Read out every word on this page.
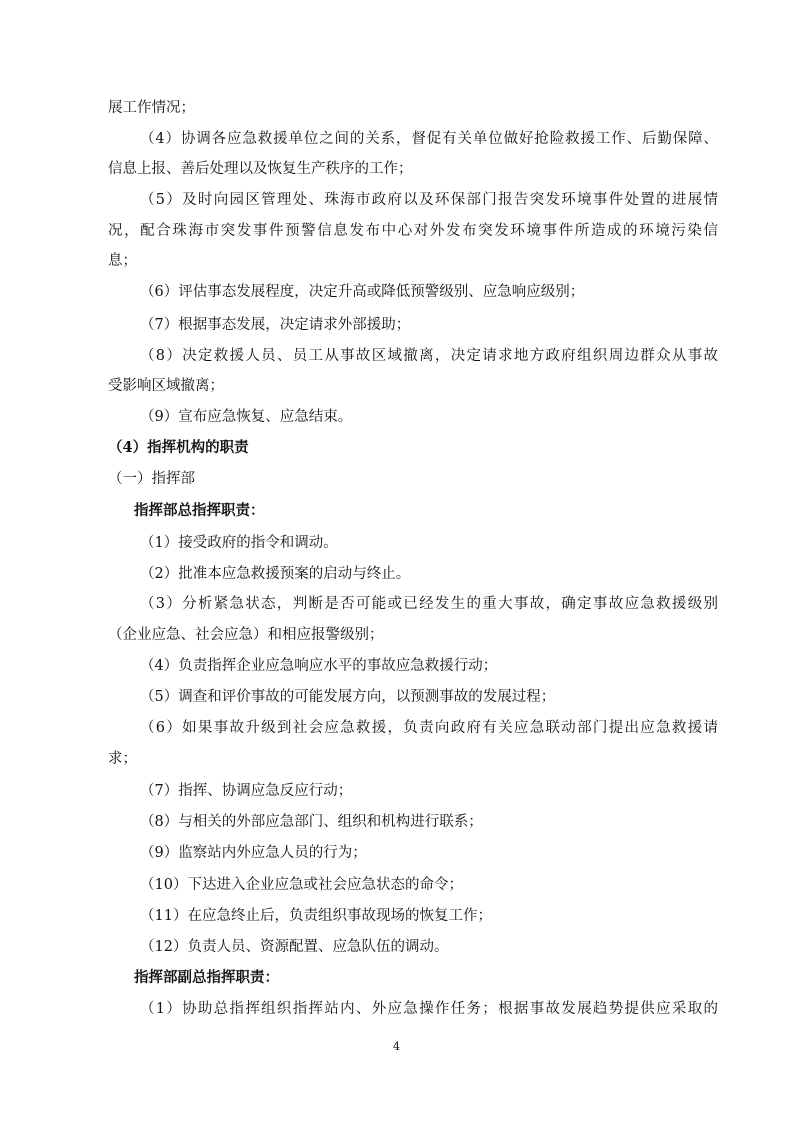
展工作情况；
（4）协调各应急救援单位之间的关系，督促有关单位做好抢险救援工作、后勤保障、
信息上报、善后处理以及恢复生产秩序的工作；
（5）及时向园区管理处、珠海市政府以及环保部门报告突发环境事件处置的进展情
况，配合珠海市突发事件预警信息发布中心对外发布突发环境事件所造成的环境污染信
息；
（6）评估事态发展程度，决定升高或降低预警级别、应急响应级别；
（7）根据事态发展，决定请求外部援助；
（8）决定救援人员、员工从事故区域撤离，决定请求地方政府组织周边群众从事故
受影响区域撤离；
（9）宣布应急恢复、应急结束。
（4）指挥机构的职责
（一）指挥部
指挥部总指挥职责：
（1）接受政府的指令和调动。
（2）批准本应急救援预案的启动与终止。
（3）分析紧急状态，判断是否可能或已经发生的重大事故，确定事故应急救援级别
（企业应急、社会应急）和相应报警级别；
（4）负责指挥企业应急响应水平的事故应急救援行动；
（5）调查和评价事故的可能发展方向，以预测事故的发展过程；
（6）如果事故升级到社会应急救援，负责向政府有关应急联动部门提出应急救援请
求；
（7）指挥、协调应急反应行动；
（8）与相关的外部应急部门、组织和机构进行联系；
（9）监察站内外应急人员的行为；
（10）下达进入企业应急或社会应急状态的命令；
（11）在应急终止后，负责组织事故现场的恢复工作；
（12）负责人员、资源配置、应急队伍的调动。
指挥部副总指挥职责：
（1）协助总指挥组织指挥站内、外应急操作任务；根据事故发展趋势提供应采取的
4
